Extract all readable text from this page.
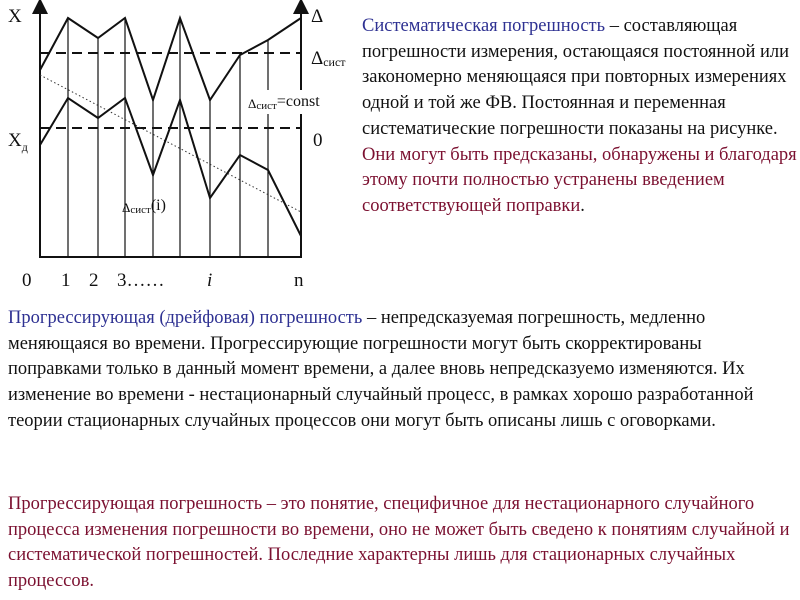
X
$X_д$
Δ
Δсист
0
Δсист=const
Δсист(i)
0 1 2 3…… i	n
Систематическая погрешность – составляющая погрешности измерения, остающаяся постоянной или закономерно меняющаяся при повторных измерениях одной и той же ФВ. Постоянная и переменная систематические погрешности показаны на рисунке.
Они могут быть предсказаны, обнаружены и благодаря этому почти полностью устранены введением соответствующей поправки.
Прогрессирующая (дрейфовая) погрешность – непредсказуемая погрешность, медленно меняющаяся во времени. Прогрессирующие погрешности могут быть скорректированы поправками только в данный момент времени, а далее вновь непредсказуемо изменяются. Их изменение во времени - нестационарный случайный процесс, в рамках хорошо разработанной теории стационарных случайных процессов они могут быть описаны лишь с оговорками.
Прогрессирующая погрешность – это понятие, специфичное для нестационарного случайного процесса изменения погрешности во времени, оно не может быть сведено к понятиям случайной и систематической погрешностей. Последние характерны лишь для стационарных случайных процессов.
